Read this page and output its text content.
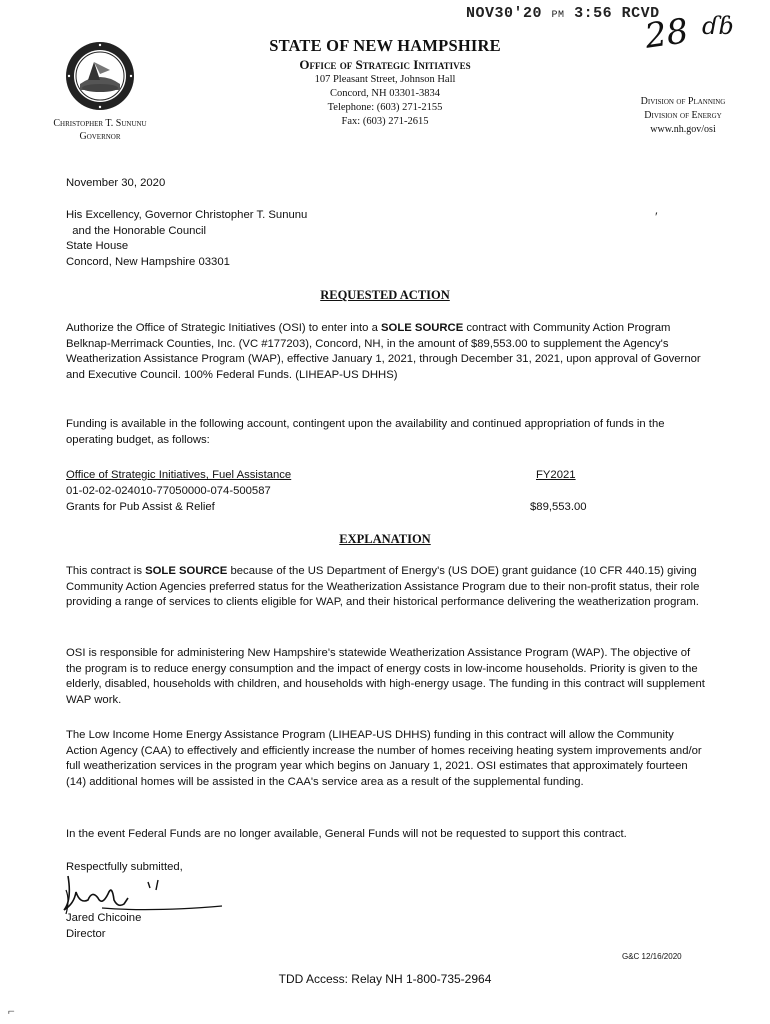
NOV30'20 PM 3:56 RCVD
28 ɗɓ
Christopher T. Sununu
Governor
STATE OF NEW HAMPSHIRE
Office of Strategic Initiatives
107 Pleasant Street, Johnson Hall
Concord, NH 03301-3834
Telephone: (603) 271-2155
Fax: (603) 271-2615
Division of Planning
Division of Energy
www.nh.gov/osi
November 30, 2020
His Excellency, Governor Christopher T. Sununu
and the Honorable Council
State House
Concord, New Hampshire 03301
′
REQUESTED ACTION
Authorize the Office of Strategic Initiatives (OSI) to enter into a SOLE SOURCE contract with Community Action Program Belknap-Merrimack Counties, Inc. (VC #177203), Concord, NH, in the amount of $89,553.00 to supplement the Agency's Weatherization Assistance Program (WAP), effective January 1, 2021, through December 31, 2021, upon approval of Governor and Executive Council. 100% Federal Funds. (LIHEAP-US DHHS)
Funding is available in the following account, contingent upon the availability and continued appropriation of funds in the operating budget, as follows:
Office of Strategic Initiatives, Fuel Assistance
01-02-02-024010-77050000-074-500587
Grants for Pub Assist & Relief
FY2021
$89,553.00
EXPLANATION
This contract is SOLE SOURCE because of the US Department of Energy's (US DOE) grant guidance (10 CFR 440.15) giving Community Action Agencies preferred status for the Weatherization Assistance Program due to their non-profit status, their role providing a range of services to clients eligible for WAP, and their historical performance delivering the weatherization program.
OSI is responsible for administering New Hampshire's statewide Weatherization Assistance Program (WAP). The objective of the program is to reduce energy consumption and the impact of energy costs in low-income households. Priority is given to the elderly, disabled, households with children, and households with high-energy usage. The funding in this contract will supplement WAP work.
The Low Income Home Energy Assistance Program (LIHEAP-US DHHS) funding in this contract will allow the Community Action Agency (CAA) to effectively and efficiently increase the number of homes receiving heating system improvements and/or full weatherization services in the program year which begins on January 1, 2021. OSI estimates that approximately fourteen (14) additional homes will be assisted in the CAA's service area as a result of the supplemental funding.
In the event Federal Funds are no longer available, General Funds will not be requested to support this contract.
Respectfully submitted,
Jared Chicoine
Director
G&C 12/16/2020
TDD Access: Relay NH 1-800-735-2964
⌐
